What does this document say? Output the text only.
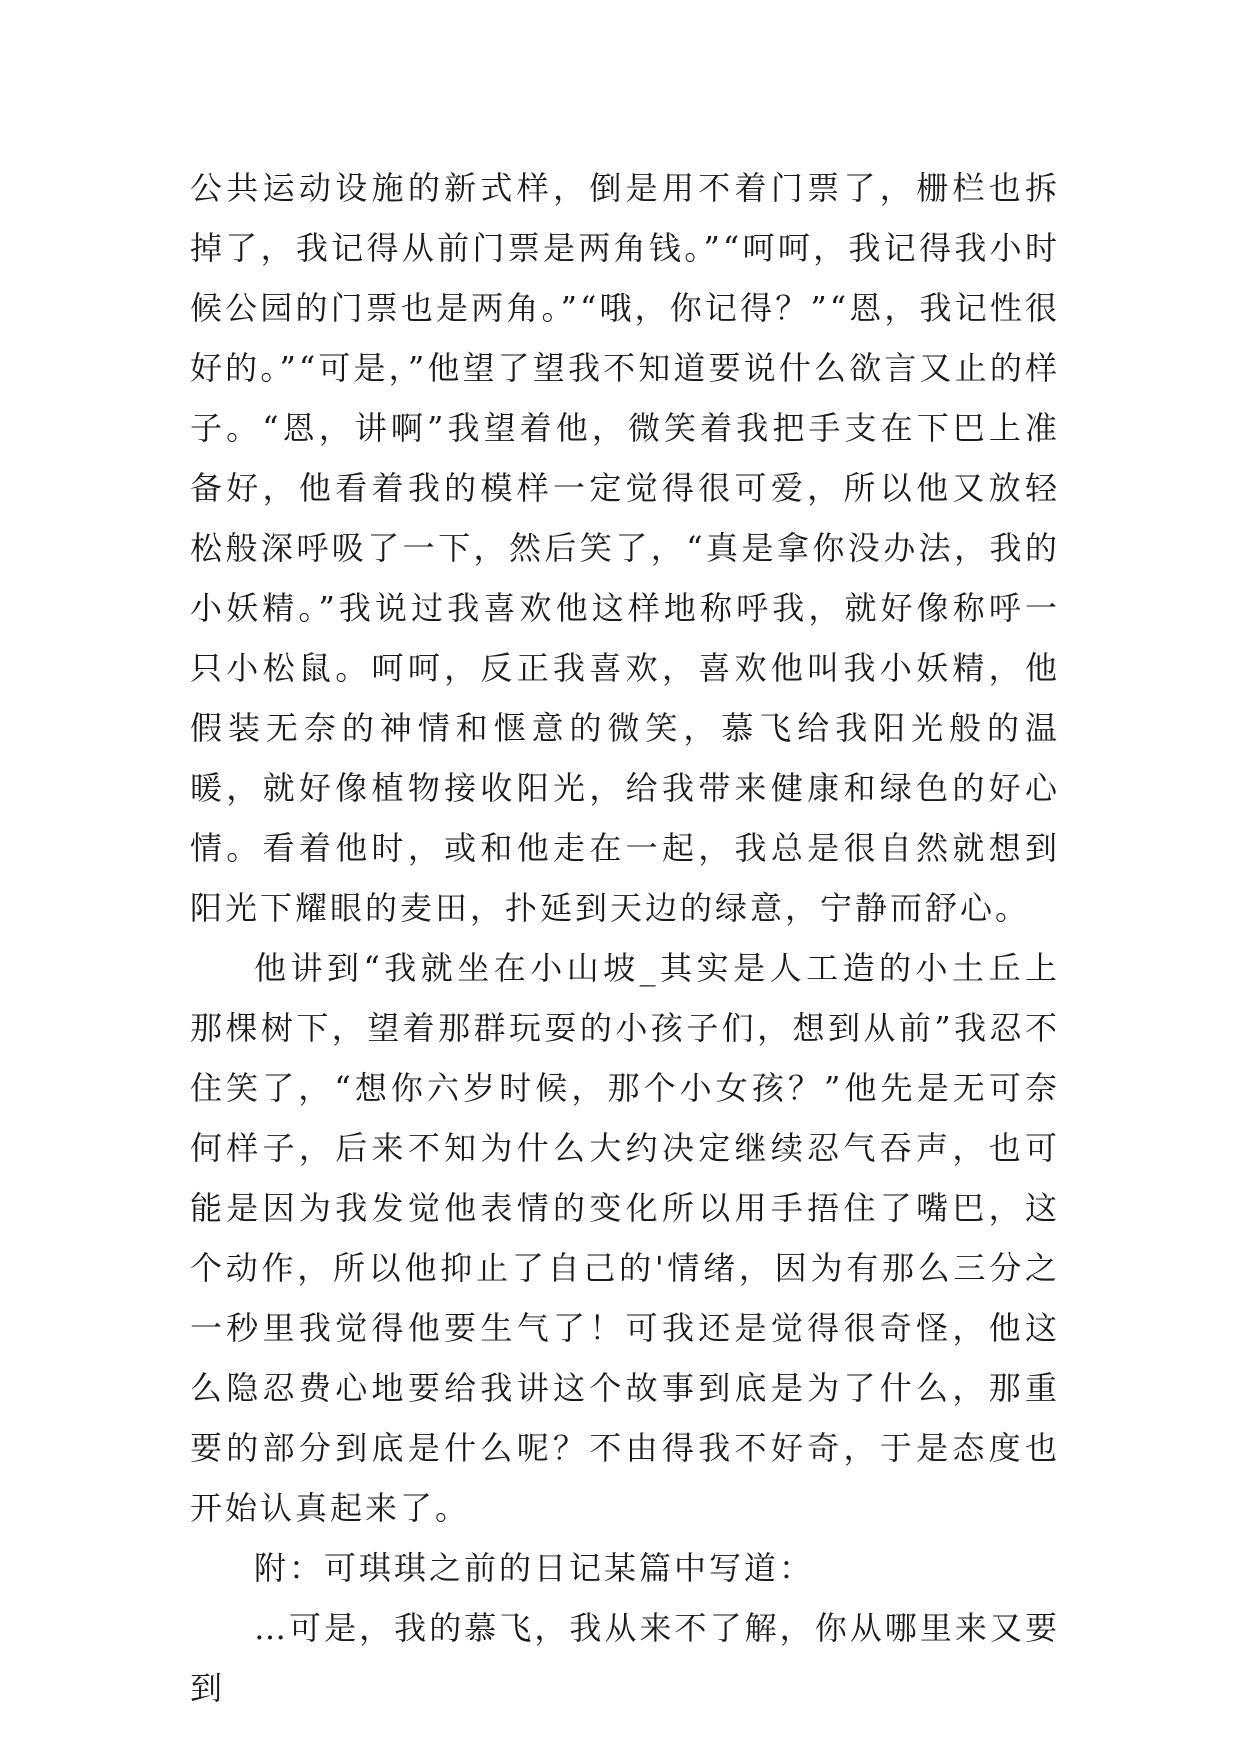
公共运动设施的新式样，倒是用不着门票了，栅栏也拆掉了，我记得从前门票是两角钱。”“呵呵，我记得我小时候公园的门票也是两角。”“哦，你记得？”“恩，我记性很好的。”“可是，”他望了望我不知道要说什么欲言又止的样子。“恩，讲啊”我望着他，微笑着我把手支在下巴上准备好，他看着我的模样一定觉得很可爱，所以他又放轻松般深呼吸了一下，然后笑了，“真是拿你没办法，我的小妖精。”我说过我喜欢他这样地称呼我，就好像称呼一只小松鼠。呵呵，反正我喜欢，喜欢他叫我小妖精，他假装无奈的神情和惬意的微笑，慕飞给我阳光般的温暖，就好像植物接收阳光，给我带来健康和绿色的好心情。看着他时，或和他走在一起，我总是很自然就想到阳光下耀眼的麦田，扑延到天边的绿意，宁静而舒心。

他讲到“我就坐在小山坡_其实是人工造的小土丘上那棵树下，望着那群玩耍的小孩子们，想到从前”我忍不住笑了，“想你六岁时候，那个小女孩？”他先是无可奈何样子，后来不知为什么大约决定继续忍气吞声，也可能是因为我发觉他表情的变化所以用手捂住了嘴巴，这个动作，所以他抑止了自己的'情绪，因为有那么三分之一秒里我觉得他要生气了！可我还是觉得很奇怪，他这么隐忍费心地要给我讲这个故事到底是为了什么，那重要的部分到底是什么呢？不由得我不好奇，于是态度也开始认真起来了。

附：可琪琪之前的日记某篇中写道：

…可是，我的慕飞，我从来不了解，你从哪里来又要到
